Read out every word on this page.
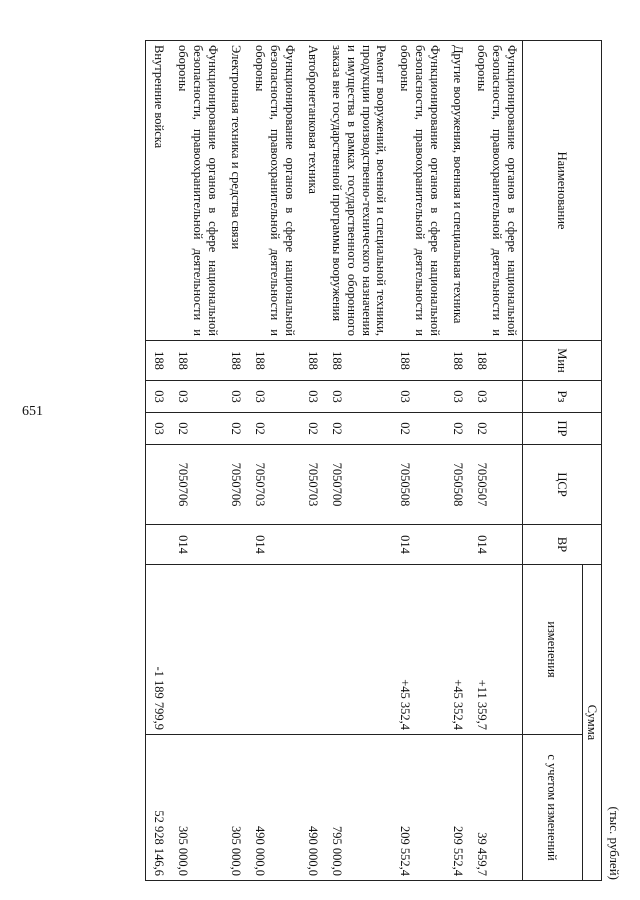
651
(тыс. рублей)
Наименование	Мин	Рз	ПР	ЦСР	ВР	Сумма	
						изменения	с учетом изменений
Функционирование органов в сфере национальной безопасности, правоохранительной деятельности и обороны	188	03	02	7050507	014	+11 359,7	39 459,7
Другие вооружения, военная и специальная техника	188	03	02	7050508		+45 352,4	209 552,4
Функционирование органов в сфере национальной безопасности, правоохранительной деятельности и обороны	188	03	02	7050508	014	+45 352,4	209 552,4
Ремонт вооружений, военной и специальной техники, продукции производственно-технического назначения и имущества в рамках государственного оборонного заказа вне государственной программы вооружения	188	03	02	7050700			795 000,0
Автобронетанковая техника	188	03	02	7050703			490 000,0
Функционирование органов в сфере национальной безопасности, правоохранительной деятельности и обороны	188	03	02	7050703	014		490 000,0
Электронная техника и средства связи	188	03	02	7050706			305 000,0
Функционирование органов в сфере национальной безопасности, правоохранительной деятельности и обороны	188	03	02	7050706	014		305 000,0
Внутренние войска	188	03	03			-1 189 799,9	52 928 146,6
